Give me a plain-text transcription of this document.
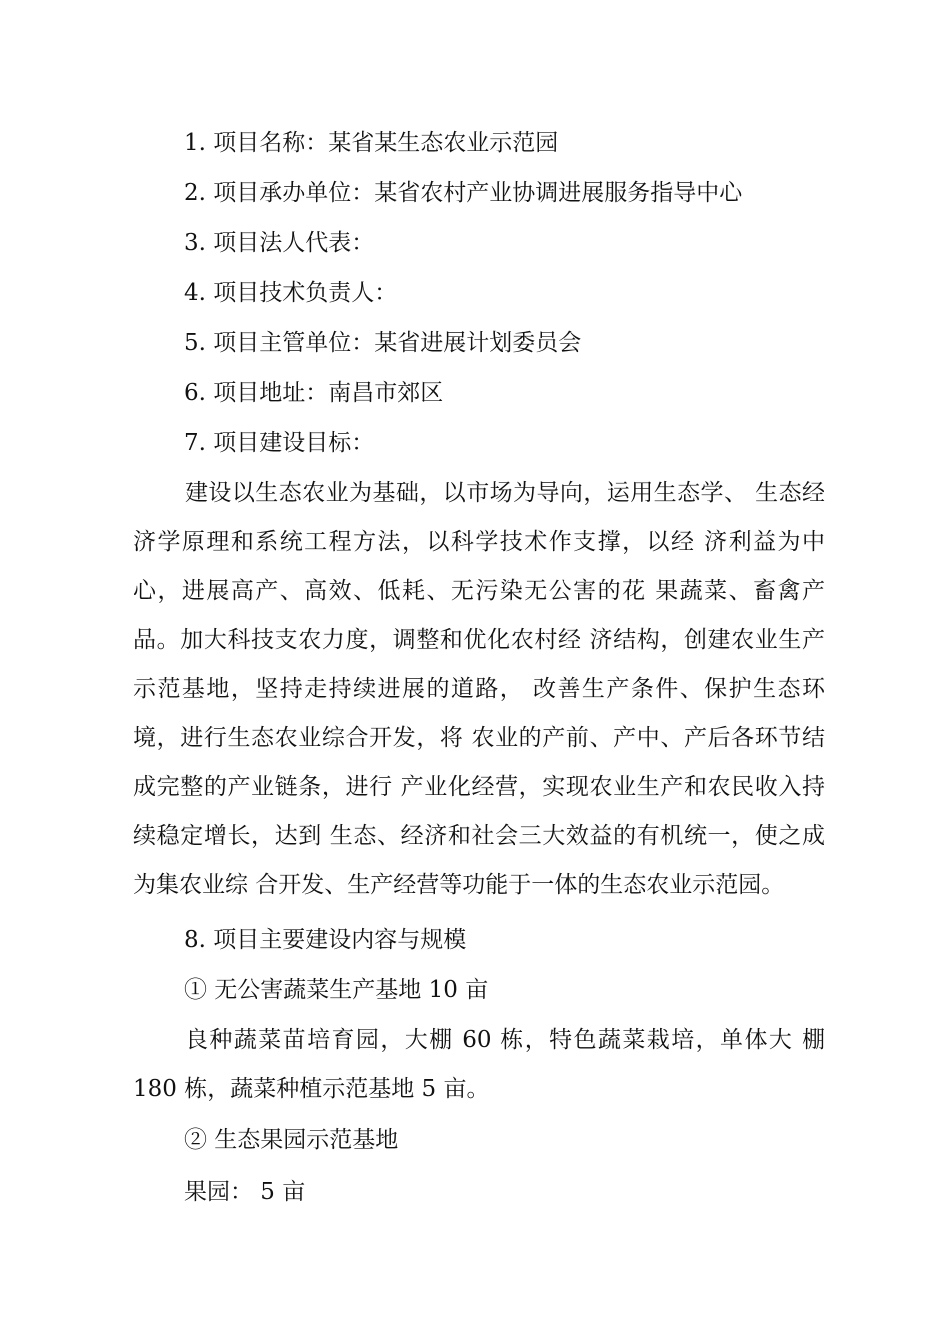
1. 项目名称：某省某生态农业示范园
2. 项目承办单位：某省农村产业协调进展服务指导中心
3. 项目法人代表：
4. 项目技术负责人：
5. 项目主管单位：某省进展计划委员会
6. 项目地址：南昌市郊区
7. 项目建设目标：
建设以生态农业为基础，以市场为导向，运用生态学、 生态经济学原理和系统工程方法，以科学技术作支撑，以经 济利益为中心，进展高产、高效、低耗、无污染无公害的花 果蔬菜、畜禽产品。加大科技支农力度，调整和优化农村经 济结构，创建农业生产示范基地，坚持走持续进展的道路， 改善生产条件、保护生态环境，进行生态农业综合开发，将 农业的产前、产中、产后各环节结成完整的产业链条，进行 产业化经营，实现农业生产和农民收入持续稳定增长，达到 生态、经济和社会三大效益的有机统一，使之成为集农业综 合开发、生产经营等功能于一体的生态农业示范园。
8. 项目主要建设内容与规模
① 无公害蔬菜生产基地 10 亩
良种蔬菜苗培育园，大棚 60 栋，特色蔬菜栽培，单体大 棚 180 栋，蔬菜种植示范基地 5 亩。
② 生态果园示范基地
果园： 5 亩
